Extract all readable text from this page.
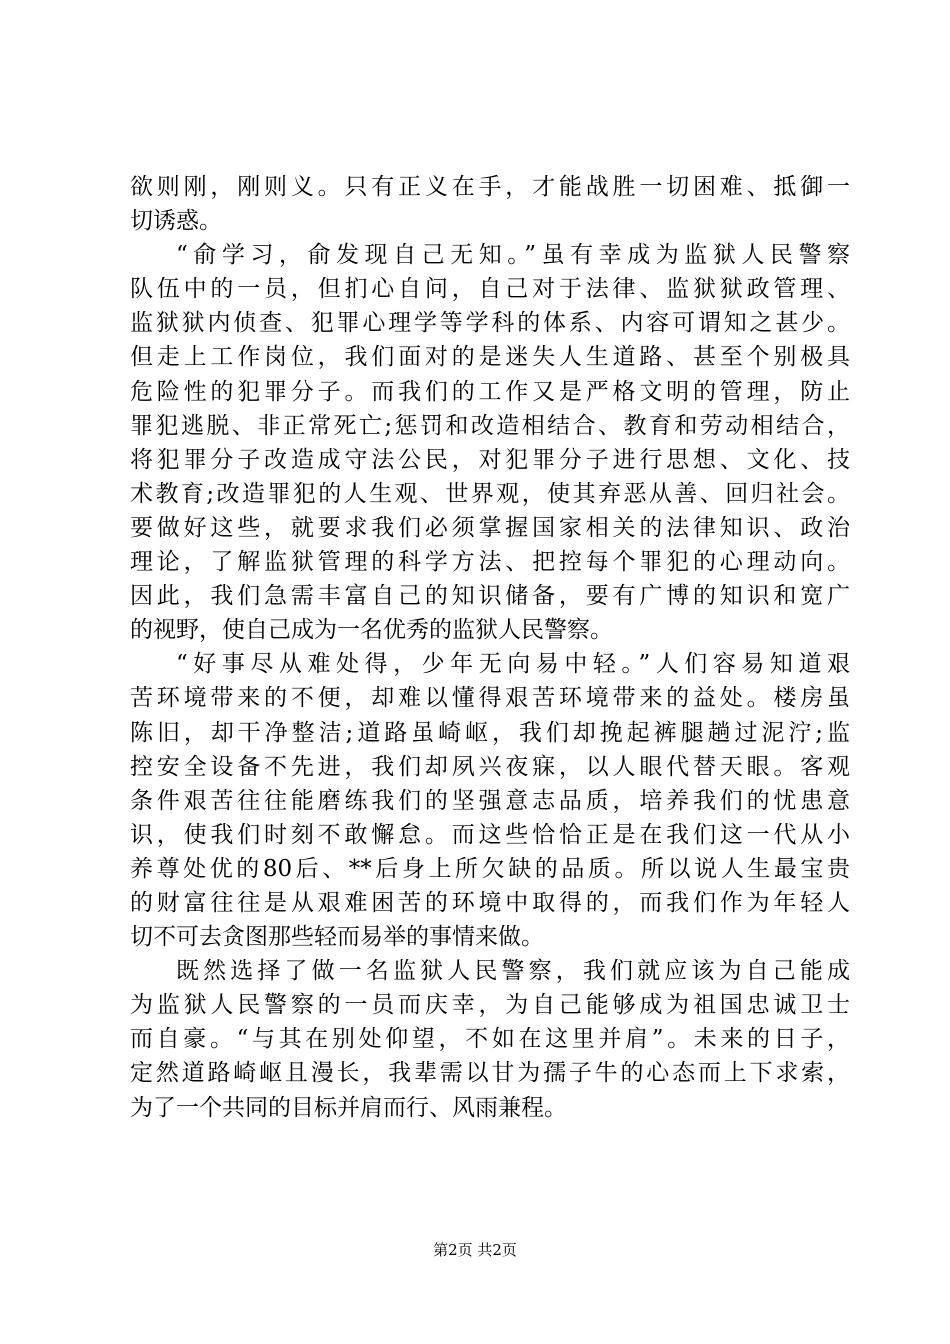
欲则刚，刚则义。只有正义在手，才能战胜一切困难、抵御一
切诱惑。
“俞学习，俞发现自己无知。”虽有幸成为监狱人民警察
队伍中的一员，但扪心自问，自己对于法律、监狱狱政管理、
监狱狱内侦查、犯罪心理学等学科的体系、内容可谓知之甚少。
但走上工作岗位，我们面对的是迷失人生道路、甚至个别极具
危险性的犯罪分子。而我们的工作又是严格文明的管理，防止
罪犯逃脱、非正常死亡;惩罚和改造相结合、教育和劳动相结合，
将犯罪分子改造成守法公民，对犯罪分子进行思想、文化、技
术教育;改造罪犯的人生观、世界观，使其弃恶从善、回归社会。
要做好这些，就要求我们必须掌握国家相关的法律知识、政治
理论，了解监狱管理的科学方法、把控每个罪犯的心理动向。
因此，我们急需丰富自己的知识储备，要有广博的知识和宽广
的视野，使自己成为一名优秀的监狱人民警察。
“好事尽从难处得，少年无向易中轻。”人们容易知道艰
苦环境带来的不便，却难以懂得艰苦环境带来的益处。楼房虽
陈旧，却干净整洁;道路虽崎岖，我们却挽起裤腿趟过泥泞;监
控安全设备不先进，我们却夙兴夜寐，以人眼代替天眼。客观
条件艰苦往往能磨练我们的坚强意志品质，培养我们的忧患意
识，使我们时刻不敢懈怠。而这些恰恰正是在我们这一代从小
养尊处优的80后、**后身上所欠缺的品质。所以说人生最宝贵
的财富往往是从艰难困苦的环境中取得的，而我们作为年轻人
切不可去贪图那些轻而易举的事情来做。
既然选择了做一名监狱人民警察，我们就应该为自己能成
为监狱人民警察的一员而庆幸，为自己能够成为祖国忠诚卫士
而自豪。“与其在别处仰望，不如在这里并肩”。未来的日子，
定然道路崎岖且漫长，我辈需以甘为孺子牛的心态而上下求索，
为了一个共同的目标并肩而行、风雨兼程。
第2页 共2页
